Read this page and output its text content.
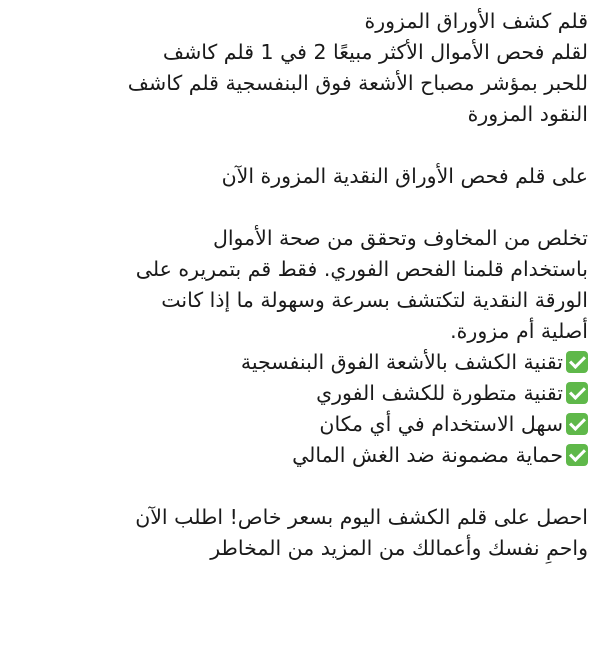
قلم كشف الأوراق المزورة
لقلم فحص الأموال الأكثر مبيعًا 2 في 1 قلم كاشف
للحبر بمؤشر مصباح الأشعة فوق البنفسجية قلم كاشف
النقود المزورة
على قلم فحص الأوراق النقدية المزورة الآن
تخلص من المخاوف وتحقق من صحة الأموال
باستخدام قلمنا الفحص الفوري. فقط قم بتمريره على
الورقة النقدية لتكتشف بسرعة وسهولة ما إذا كانت
أصلية أم مزورة.
تقنية الكشف بالأشعة الفوق البنفسجية
تقنية متطورة للكشف الفوري
سهل الاستخدام في أي مكان
حماية مضمونة ضد الغش المالي
احصل على قلم الكشف اليوم بسعر خاص! اطلب الآن
واحمِ نفسك وأعمالك من المزيد من المخاطر
